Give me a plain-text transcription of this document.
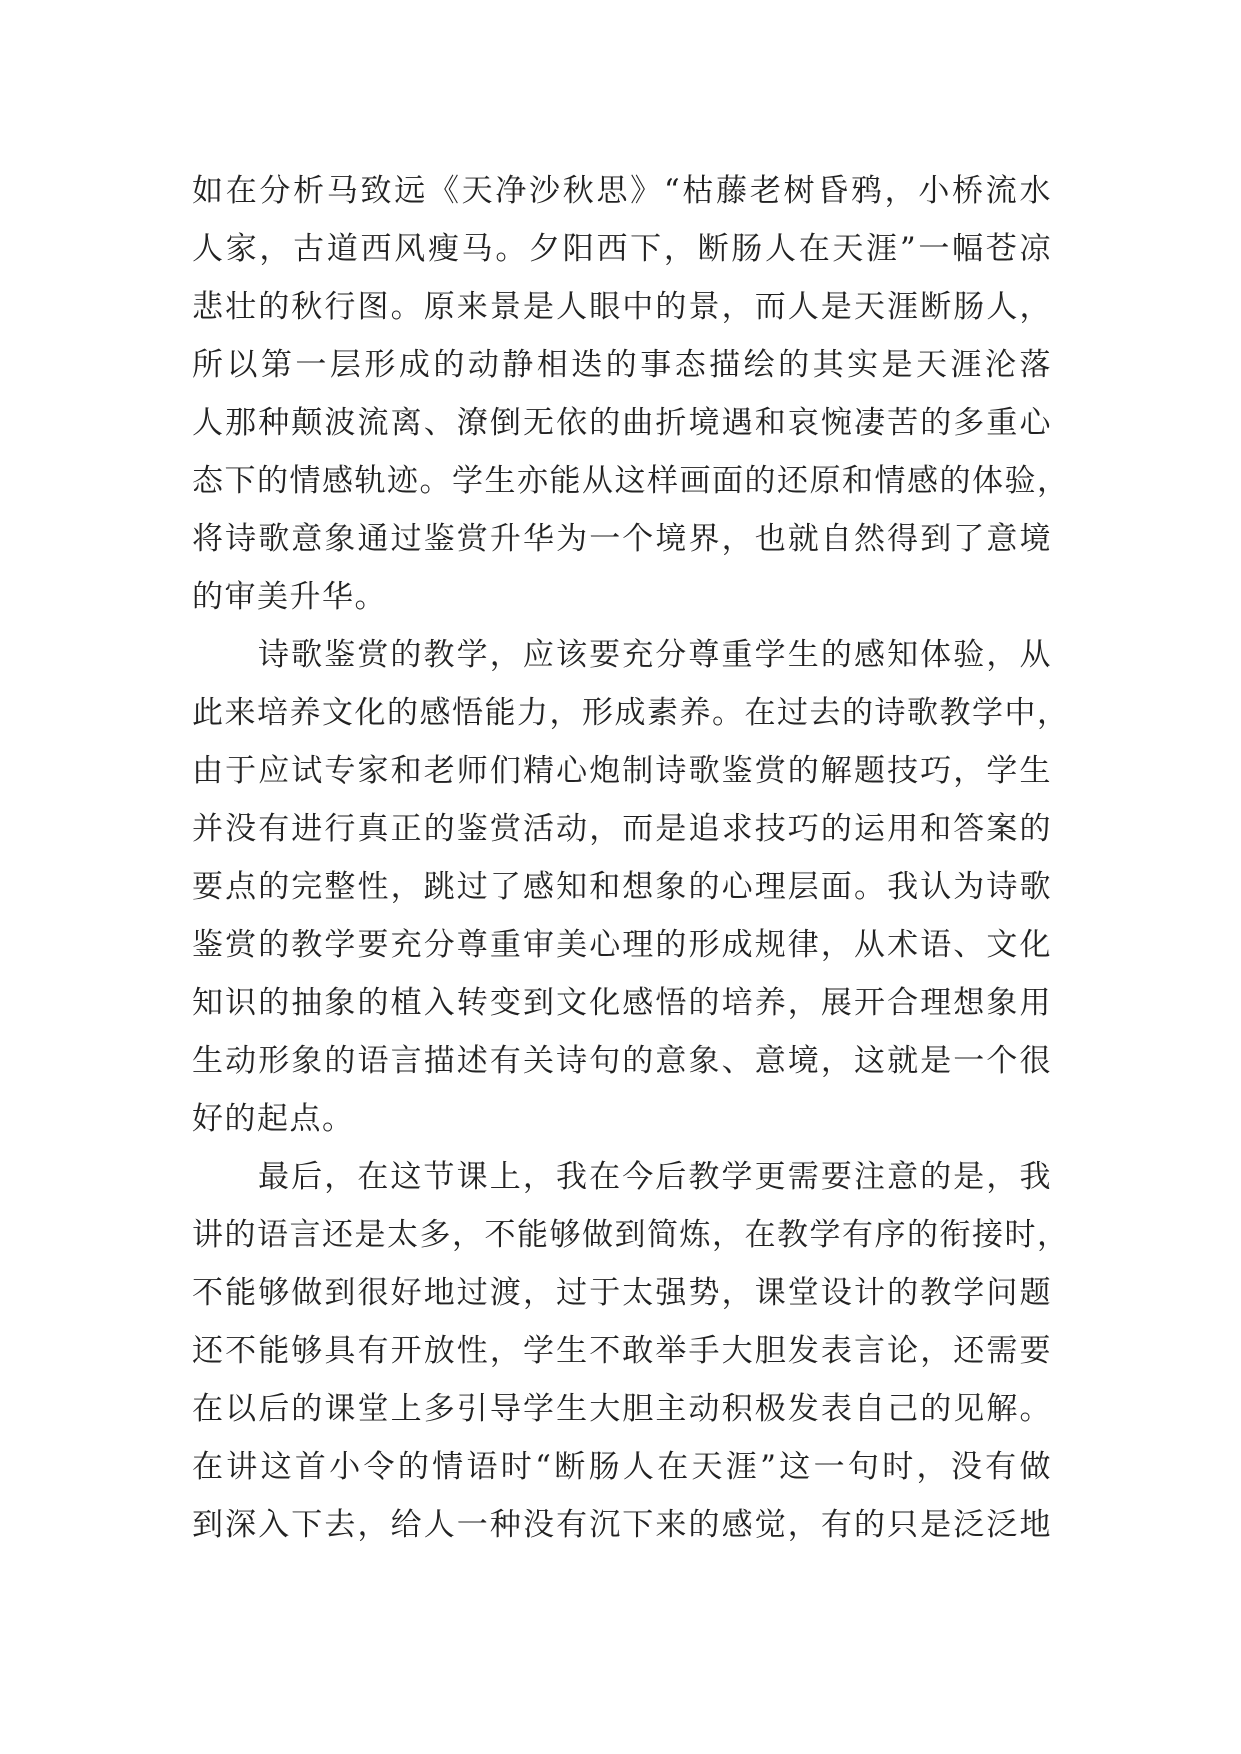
如在分析马致远《天净沙秋思》“枯藤老树昏鸦，小桥流水
人家，古道西风瘦马。夕阳西下，断肠人在天涯”一幅苍凉
悲壮的秋行图。原来景是人眼中的景，而人是天涯断肠人，
所以第一层形成的动静相迭的事态描绘的其实是天涯沦落
人那种颠波流离、潦倒无依的曲折境遇和哀惋凄苦的多重心
态下的情感轨迹。学生亦能从这样画面的还原和情感的体验，
将诗歌意象通过鉴赏升华为一个境界，也就自然得到了意境
的审美升华。

诗歌鉴赏的教学，应该要充分尊重学生的感知体验，从
此来培养文化的感悟能力，形成素养。在过去的诗歌教学中，
由于应试专家和老师们精心炮制诗歌鉴赏的解题技巧，学生
并没有进行真正的鉴赏活动，而是追求技巧的运用和答案的
要点的完整性，跳过了感知和想象的心理层面。我认为诗歌
鉴赏的教学要充分尊重审美心理的形成规律，从术语、文化
知识的抽象的植入转变到文化感悟的培养，展开合理想象用
生动形象的语言描述有关诗句的意象、意境，这就是一个很
好的起点。

最后，在这节课上，我在今后教学更需要注意的是，我
讲的语言还是太多，不能够做到简炼，在教学有序的衔接时，
不能够做到很好地过渡，过于太强势，课堂设计的教学问题
还不能够具有开放性，学生不敢举手大胆发表言论，还需要
在以后的课堂上多引导学生大胆主动积极发表自己的见解。
在讲这首小令的情语时“断肠人在天涯”这一句时，没有做
到深入下去，给人一种没有沉下来的感觉，有的只是泛泛地
